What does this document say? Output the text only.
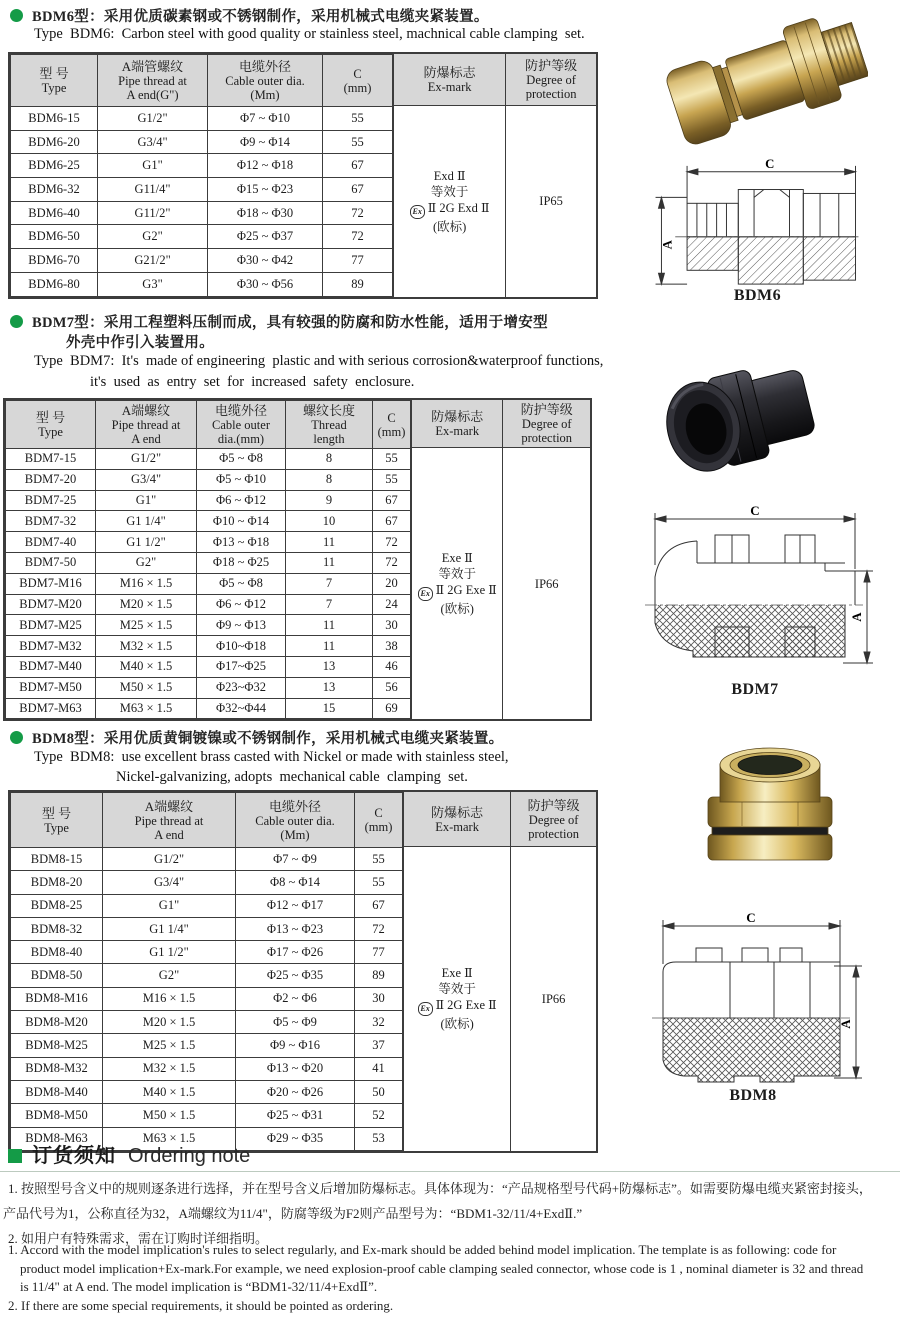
BDM6型：采用优质碳素钢或不锈钢制作，采用机械式电缆夹紧装置。
Type  BDM6:  Carbon steel with good quality or stainless steel, machnical cable clamping  set.
型 号
Type

A端管螺纹
Pipe thread at
A end(G")

电缆外径
Cable outer dia.
(Mm)

C
(mm)

BDM6-15	G1/2"	Φ7 ~ Φ10	55
BDM6-20	G3/4"	Φ9 ~ Φ14	55
BDM6-25	G1"	Φ12 ~ Φ18	67
BDM6-32	G11/4"	Φ15 ~ Φ23	67
BDM6-40	G11/2"	Φ18 ~ Φ30	72
BDM6-50	G2"	Φ25 ~ Φ37	72
BDM6-70	G21/2"	Φ30 ~ Φ42	77
BDM6-80	G3"	Φ30 ~ Φ56	89
防爆标志
Ex-mark
Exd Ⅱ
等效于
Ex Ⅱ 2G Exd Ⅱ
(欧标)
防护等级
Degree of
protection
IP65
BDM7型：采用工程塑料压制而成，具有较强的防腐和防水性能，适用于增安型
外壳中作引入装置用。
Type  BDM7:  It's  made of engineering  plastic and with serious corrosion&waterproof functions,
it's  used  as  entry  set  for  increased  safety  enclosure.
型 号
Type

A端螺纹
Pipe thread at
A end

电缆外径
Cable outer
dia.(mm)

螺纹长度
Thread
length

C
(mm)

BDM7-15	G1/2"	Φ5 ~ Φ8	8	55
BDM7-20	G3/4"	Φ5 ~ Φ10	8	55
BDM7-25	G1"	Φ6 ~ Φ12	9	67
BDM7-32	G1 1/4"	Φ10 ~ Φ14	10	67
BDM7-40	G1 1/2"	Φ13 ~ Φ18	11	72
BDM7-50	G2"	Φ18 ~ Φ25	11	72
BDM7-M16	M16 × 1.5	Φ5 ~ Φ8	7	20
BDM7-M20	M20 × 1.5	Φ6 ~ Φ12	7	24
BDM7-M25	M25 × 1.5	Φ9 ~ Φ13	11	30
BDM7-M32	M32 × 1.5	Φ10~Φ18	11	38
BDM7-M40	M40 × 1.5	Φ17~Φ25	13	46
BDM7-M50	M50 × 1.5	Φ23~Φ32	13	56
BDM7-M63	M63 × 1.5	Φ32~Φ44	15	69
防爆标志
Ex-mark
Exe Ⅱ
等效于
Ex Ⅱ 2G Exe Ⅱ
(欧标)
防护等级
Degree of
protection
IP66
BDM8型：采用优质黄铜镀镍或不锈钢制作，采用机械式电缆夹紧装置。
Type  BDM8:  use excellent brass casted with Nickel or made with stainless steel,
Nickel-galvanizing, adopts  mechanical cable  clamping  set.
型 号
Type

A端螺纹
Pipe thread at
A end

电缆外径
Cable outer dia.
(Mm)

C
(mm)

BDM8-15	G1/2"	Φ7 ~ Φ9	55
BDM8-20	G3/4"	Φ8 ~ Φ14	55
BDM8-25	G1"	Φ12 ~ Φ17	67
BDM8-32	G1 1/4"	Φ13 ~ Φ23	72
BDM8-40	G1 1/2"	Φ17 ~ Φ26	77
BDM8-50	G2"	Φ25 ~ Φ35	89
BDM8-M16	M16 × 1.5	Φ2 ~ Φ6	30
BDM8-M20	M20 × 1.5	Φ5 ~ Φ9	32
BDM8-M25	M25 × 1.5	Φ9 ~ Φ16	37
BDM8-M32	M32 × 1.5	Φ13 ~ Φ20	41
BDM8-M40	M40 × 1.5	Φ20 ~ Φ26	50
BDM8-M50	M50 × 1.5	Φ25 ~ Φ31	52
BDM8-M63	M63 × 1.5	Φ29 ~ Φ35	53
防爆标志
Ex-mark
Exe Ⅱ
等效于
Ex Ⅱ 2G Exe Ⅱ
(欧标)
防护等级
Degree of
protection
IP66
C
A
BDM6
C
A
BDM7
C
A
BDM8
订货须知 Ordering note
1. 按照型号含义中的规则逐条进行选择，并在型号含义后增加防爆标志。具体体现为：“产品规格型号代码+防爆标志”。如需要防爆电缆夹紧密封接头，
产品代号为1，公称直径为32，A端螺纹为11/4"，防腐等级为F2则产品型号为：“BDM1-32/11/4+ExdⅡ.”
2. 如用户有特殊需求，需在订购时详细指明。
1. Accord with the model implication's rules to select regularly, and Ex-mark should be added behind model implication. The template is as following: code for
product model implication+Ex-mark.For example, we need explosion-proof cable clamping sealed connector, whose code is 1 , nominal diameter is 32 and thread
is 11/4" at A end. The model implication is “BDM1-32/11/4+ExdⅡ”.
2. If there are some special requirements, it should be pointed as ordering.
